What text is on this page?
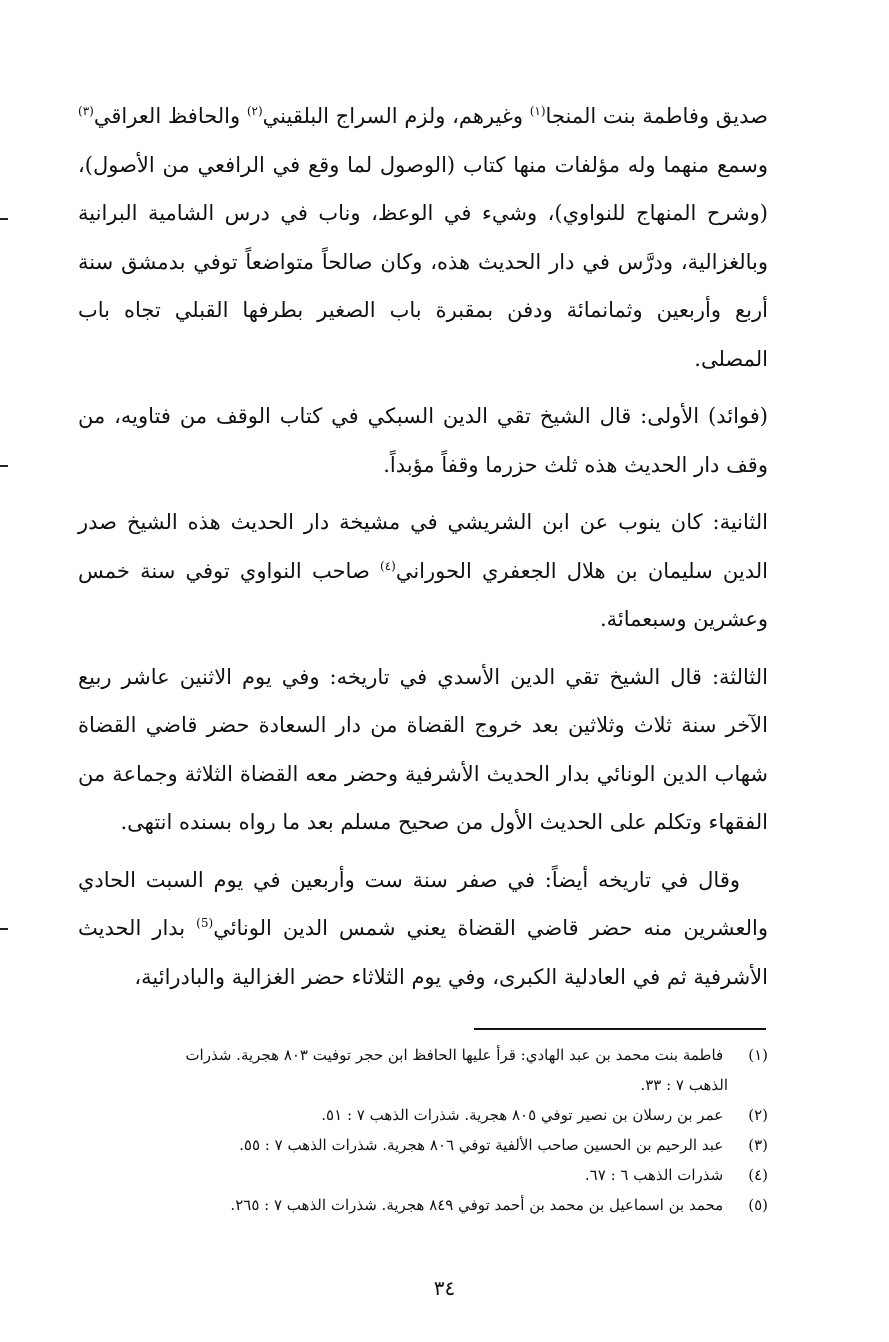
صديق وفاطمة بنت المنجا$^{(١)}$ وغيرهم، ولزم السراج البلقيني$^{(٢)}$ والحافظ العراقي$^{(٣)}$ وسمع منهما وله مؤلفات منها كتاب (الوصول لما وقع في الرافعي من الأصول)، (وشرح المنهاج للنواوي)، وشيء في الوعظ، وناب في درس الشامية البرانية وبالغزالية، ودرَّس في دار الحديث هذه، وكان صالحاً متواضعاً توفي بدمشق سنة أربع وأربعين وثمانمائة ودفن بمقبرة باب الصغير بطرفها القبلي تجاه باب المصلى.

(فوائد) الأولى: قال الشيخ تقي الدين السبكي في كتاب الوقف من فتاويه، من وقف دار الحديث هذه ثلث حزرما وقفاً مؤبداً.

الثانية: كان ينوب عن ابن الشريشي في مشيخة دار الحديث هذه الشيخ صدر الدين سليمان بن هلال الجعفري الحوراني$^{(٤)}$ صاحب النواوي توفي سنة خمس وعشرين وسبعمائة.

الثالثة: قال الشيخ تقي الدين الأسدي في تاريخه: وفي يوم الاثنين عاشر ربيع الآخر سنة ثلاث وثلاثين بعد خروج القضاة من دار السعادة حضر قاضي القضاة شهاب الدين الونائي بدار الحديث الأشرفية وحضر معه القضاة الثلاثة وجماعة من الفقهاء وتكلم على الحديث الأول من صحيح مسلم بعد ما رواه بسنده انتهى.

وقال في تاريخه أيضاً: في صفر سنة ست وأربعين في يوم السبت الحادي والعشرين منه حضر قاضي القضاة يعني شمس الدين الونائي$^{(5)}$ بدار الحديث الأشرفية ثم في العادلية الكبرى، وفي يوم الثلاثاء حضر الغزالية والبادرائية،

(١) فاطمة بنت محمد بن عبد الهادي: قرأ عليها الحافظ ابن حجر توفيت ٨٠٣ هجرية. شذرات

الذهب ٧ : ٣٣.

(٢) عمر بن رسلان بن نصير توفي ٨٠٥ هجرية. شذرات الذهب ٧ : ٥١.

(٣) عبد الرحيم بن الحسين صاحب الألفية توفي ٨٠٦ هجرية. شذرات الذهب ٧ : ٥٥.

(٤) شذرات الذهب ٦ : ٦٧.

(٥) محمد بن اسماعيل بن محمد بن أحمد توفي ٨٤٩ هجرية. شذرات الذهب ٧ : ٢٦٥.

٣٤
